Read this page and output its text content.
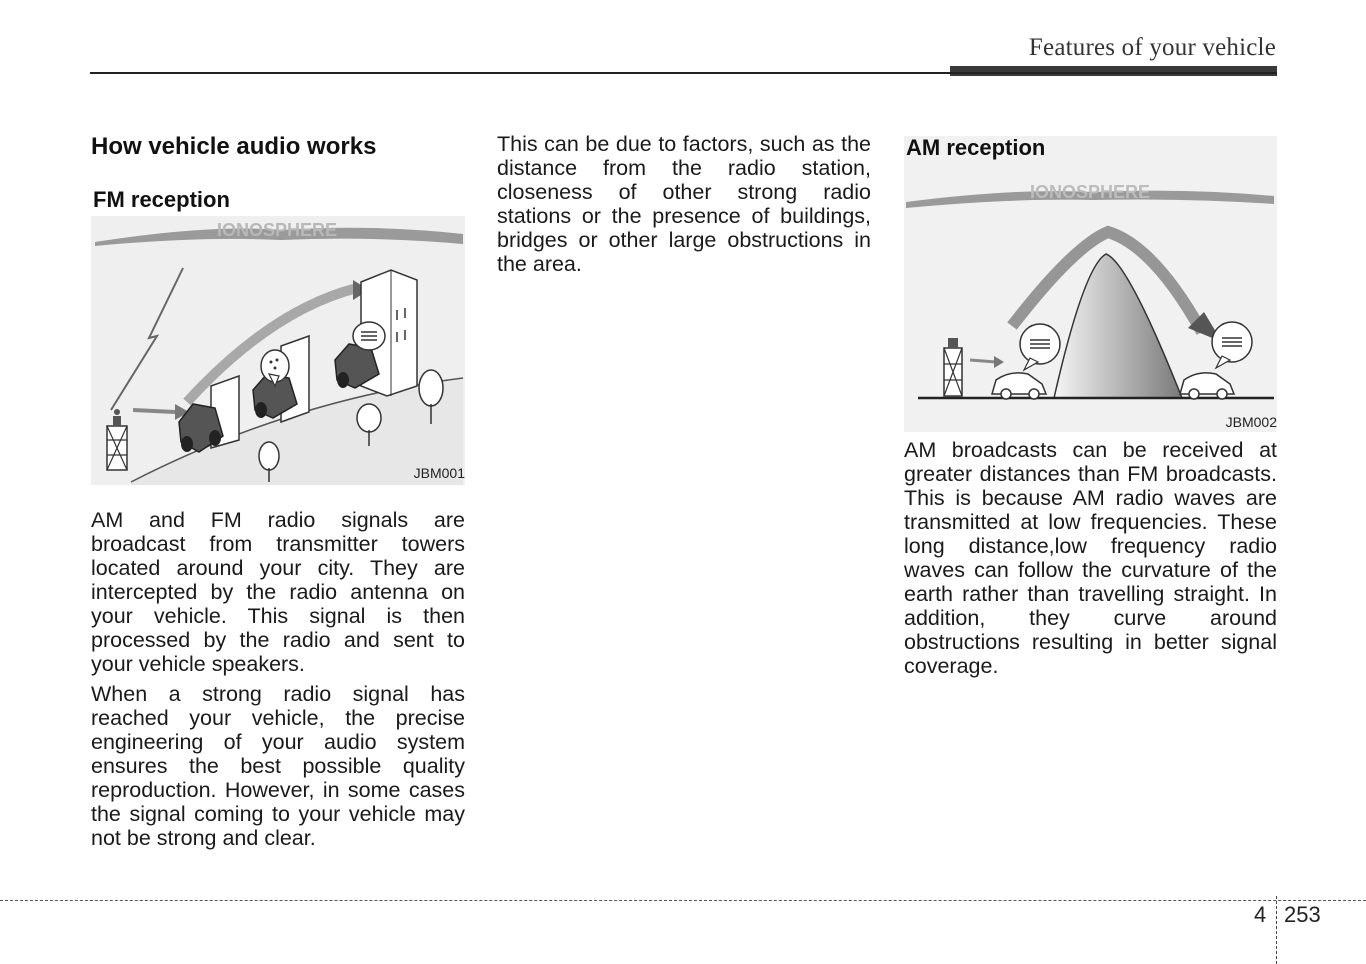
Features of your vehicle
How vehicle audio works
FM reception
IONOSPHERE
JBM001

AM and FM radio signals are broadcast from transmitter towers located around your city. They are intercepted by the radio antenna on your vehicle. This signal is then processed by the radio and sent to your vehicle speakers.

When a strong radio signal has reached your vehicle, the precise engineering of your audio system ensures the best possible quality reproduction. However, in some cases the signal coming to your vehicle may not be strong and clear.

This can be due to factors, such as the distance from the radio station, closeness of other strong radio stations or the presence of buildings, bridges or other large obstructions in the area.

IONOSPHERE
AM reception
JBM002

AM broadcasts can be received at greater distances than FM broadcasts. This is because AM radio waves are transmitted at low frequencies. These long distance,low frequency radio waves can follow the curvature of the earth rather than travelling straight. In addition, they curve around obstructions resulting in better signal coverage.

4 253
